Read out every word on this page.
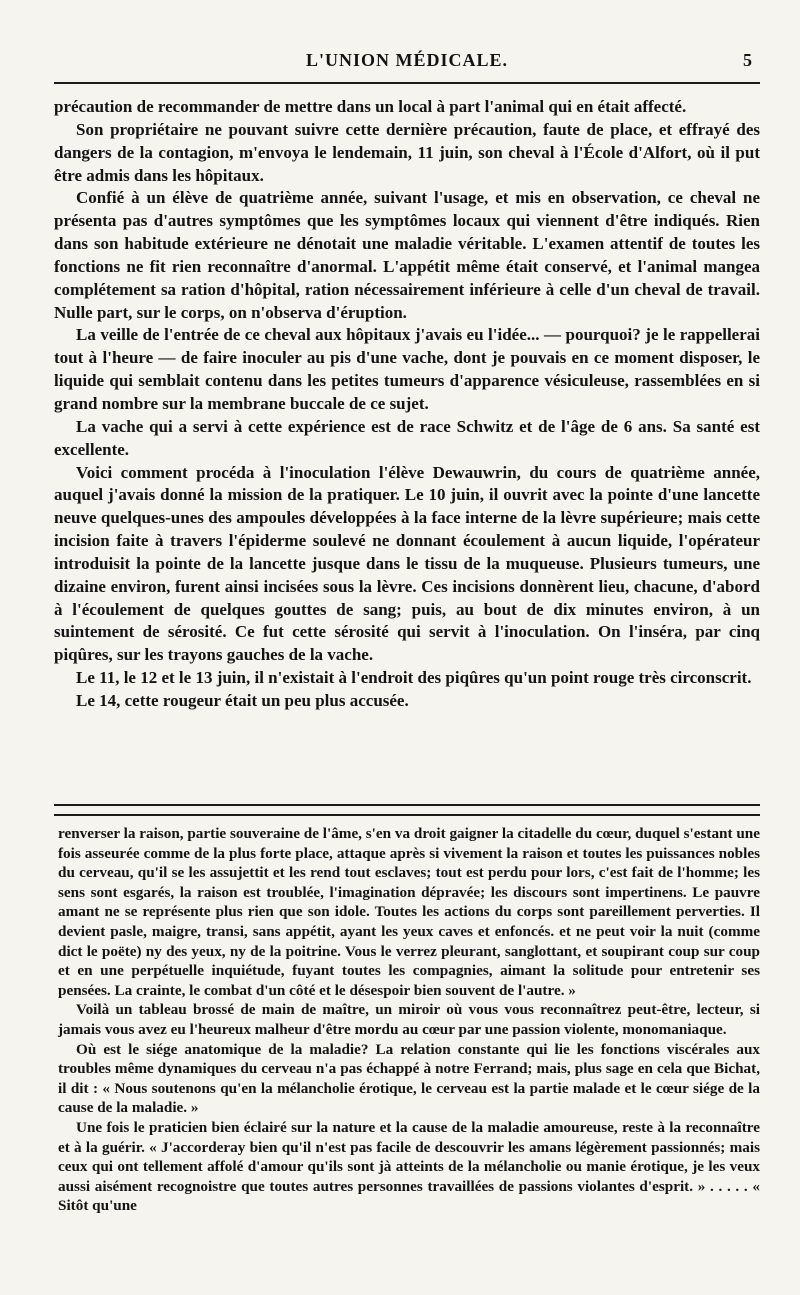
L'UNION MÉDICALE.	5

précaution de recommander de mettre dans un local à part l'animal qui en était affecté.

Son propriétaire ne pouvant suivre cette dernière précaution, faute de place, et effrayé des dangers de la contagion, m'envoya le lendemain, 11 juin, son cheval à l'École d'Alfort, où il put être admis dans les hôpitaux.

Confié à un élève de quatrième année, suivant l'usage, et mis en observation, ce cheval ne présenta pas d'autres symptômes que les symptômes locaux qui viennent d'être indiqués. Rien dans son habitude extérieure ne dénotait une maladie véritable. L'examen attentif de toutes les fonctions ne fit rien reconnaître d'anormal. L'appétit même était conservé, et l'animal mangea complétement sa ration d'hôpital, ration nécessairement inférieure à celle d'un cheval de travail. Nulle part, sur le corps, on n'observa d'éruption.

La veille de l'entrée de ce cheval aux hôpitaux j'avais eu l'idée... — pourquoi? je le rappellerai tout à l'heure — de faire inoculer au pis d'une vache, dont je pouvais en ce moment disposer, le liquide qui semblait contenu dans les petites tumeurs d'apparence vésiculeuse, rassemblées en si grand nombre sur la membrane buccale de ce sujet.

La vache qui a servi à cette expérience est de race Schwitz et de l'âge de 6 ans. Sa santé est excellente.

Voici comment procéda à l'inoculation l'élève Dewauwrin, du cours de quatrième année, auquel j'avais donné la mission de la pratiquer. Le 10 juin, il ouvrit avec la pointe d'une lancette neuve quelques-unes des ampoules développées à la face interne de la lèvre supérieure; mais cette incision faite à travers l'épiderme soulevé ne donnant écoulement à aucun liquide, l'opérateur introduisit la pointe de la lancette jusque dans le tissu de la muqueuse. Plusieurs tumeurs, une dizaine environ, furent ainsi incisées sous la lèvre. Ces incisions donnèrent lieu, chacune, d'abord à l'écoulement de quelques gouttes de sang; puis, au bout de dix minutes environ, à un suintement de sérosité. Ce fut cette sérosité qui servit à l'inoculation. On l'inséra, par cinq piqûres, sur les trayons gauches de la vache.

Le 11, le 12 et le 13 juin, il n'existait à l'endroit des piqûres qu'un point rouge très circonscrit.

Le 14, cette rougeur était un peu plus accusée.

renverser la raison, partie souveraine de l'âme, s'en va droit gaigner la citadelle du cœur, duquel s'estant une fois asseurée comme de la plus forte place, attaque après si vivement la raison et toutes les puissances nobles du cerveau, qu'il se les assujettit et les rend tout esclaves; tout est perdu pour lors, c'est fait de l'homme; les sens sont esgarés, la raison est troublée, l'imagination dépravée; les discours sont impertinens. Le pauvre amant ne se représente plus rien que son idole. Toutes les actions du corps sont pareillement perverties. Il devient pasle, maigre, transi, sans appétit, ayant les yeux caves et enfoncés. et ne peut voir la nuit (comme dict le poëte) ny des yeux, ny de la poitrine. Vous le verrez pleurant, sanglottant, et soupirant coup sur coup et en une perpétuelle inquiétude, fuyant toutes les compagnies, aimant la solitude pour entretenir ses pensées. La crainte, le combat d'un côté et le désespoir bien souvent de l'autre. »

Voilà un tableau brossé de main de maître, un miroir où vous vous reconnaîtrez peut-être, lecteur, si jamais vous avez eu l'heureux malheur d'être mordu au cœur par une passion violente, monomaniaque.

Où est le siége anatomique de la maladie? La relation constante qui lie les fonctions viscérales aux troubles même dynamiques du cerveau n'a pas échappé à notre Ferrand; mais, plus sage en cela que Bichat, il dit : « Nous soutenons qu'en la mélancholie érotique, le cerveau est la partie malade et le cœur siége de la cause de la maladie. »

Une fois le praticien bien éclairé sur la nature et la cause de la maladie amoureuse, reste à la reconnaître et à la guérir. « J'accorderay bien qu'il n'est pas facile de descouvrir les amans légèrement passionnés; mais ceux qui ont tellement affolé d'amour qu'ils sont jà atteints de la mélancholie ou manie érotique, je les veux aussi aisément recognoistre que toutes autres personnes travaillées de passions violantes d'esprit. » . . . . . « Sitôt qu'une
